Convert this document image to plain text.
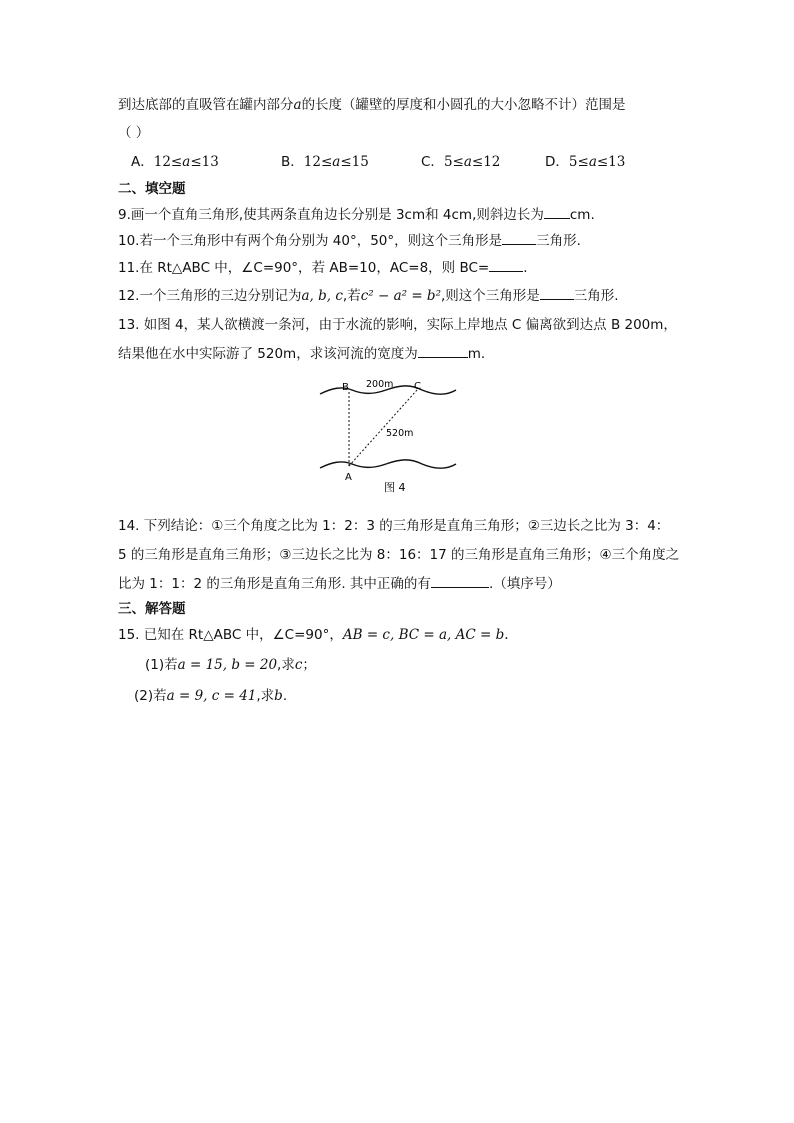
到达底部的直吸管在罐内部分a的长度（罐壁的厚度和小圆孔的大小忽略不计）范围是
（ ）
A．12≤a≤13	B．12≤a≤15	C．5≤a≤12	D．5≤a≤13
二、填空题
9.画一个直角三角形,使其两条直角边长分别是 3cm和 4cm,则斜边长为 cm.
10.若一个三角形中有两个角分别为 40°，50°，则这个三角形是	三角形.
11.在 Rt△ABC 中，∠C=90°，若 AB=10，AC=8，则 BC=	.
12.一个三角形的三边分别记为a, b, c,若c² − a² = b²,则这个三角形是	三角形.
13. 如图 4，某人欲横渡一条河，由于水流的影响，实际上岸地点 C 偏离欲到达点 B 200m，
结果他在水中实际游了 520m，求该河流的宽度为	m.
B	C
A
200m
520m
图 4
14. 下列结论：①三个角度之比为 1：2：3 的三角形是直角三角形；②三边长之比为 3：4：
5 的三角形是直角三角形；③三边长之比为 8：16：17 的三角形是直角三角形；④三个角度之
比为 1：1：2 的三角形是直角三角形. 其中正确的有	.（填序号）
三、解答题
15. 已知在 Rt△ABC 中，∠C=90°，AB = c, BC = a, AC = b.
(1)若a = 15, b = 20,求c；
(2)若a = 9, c = 41,求b.
